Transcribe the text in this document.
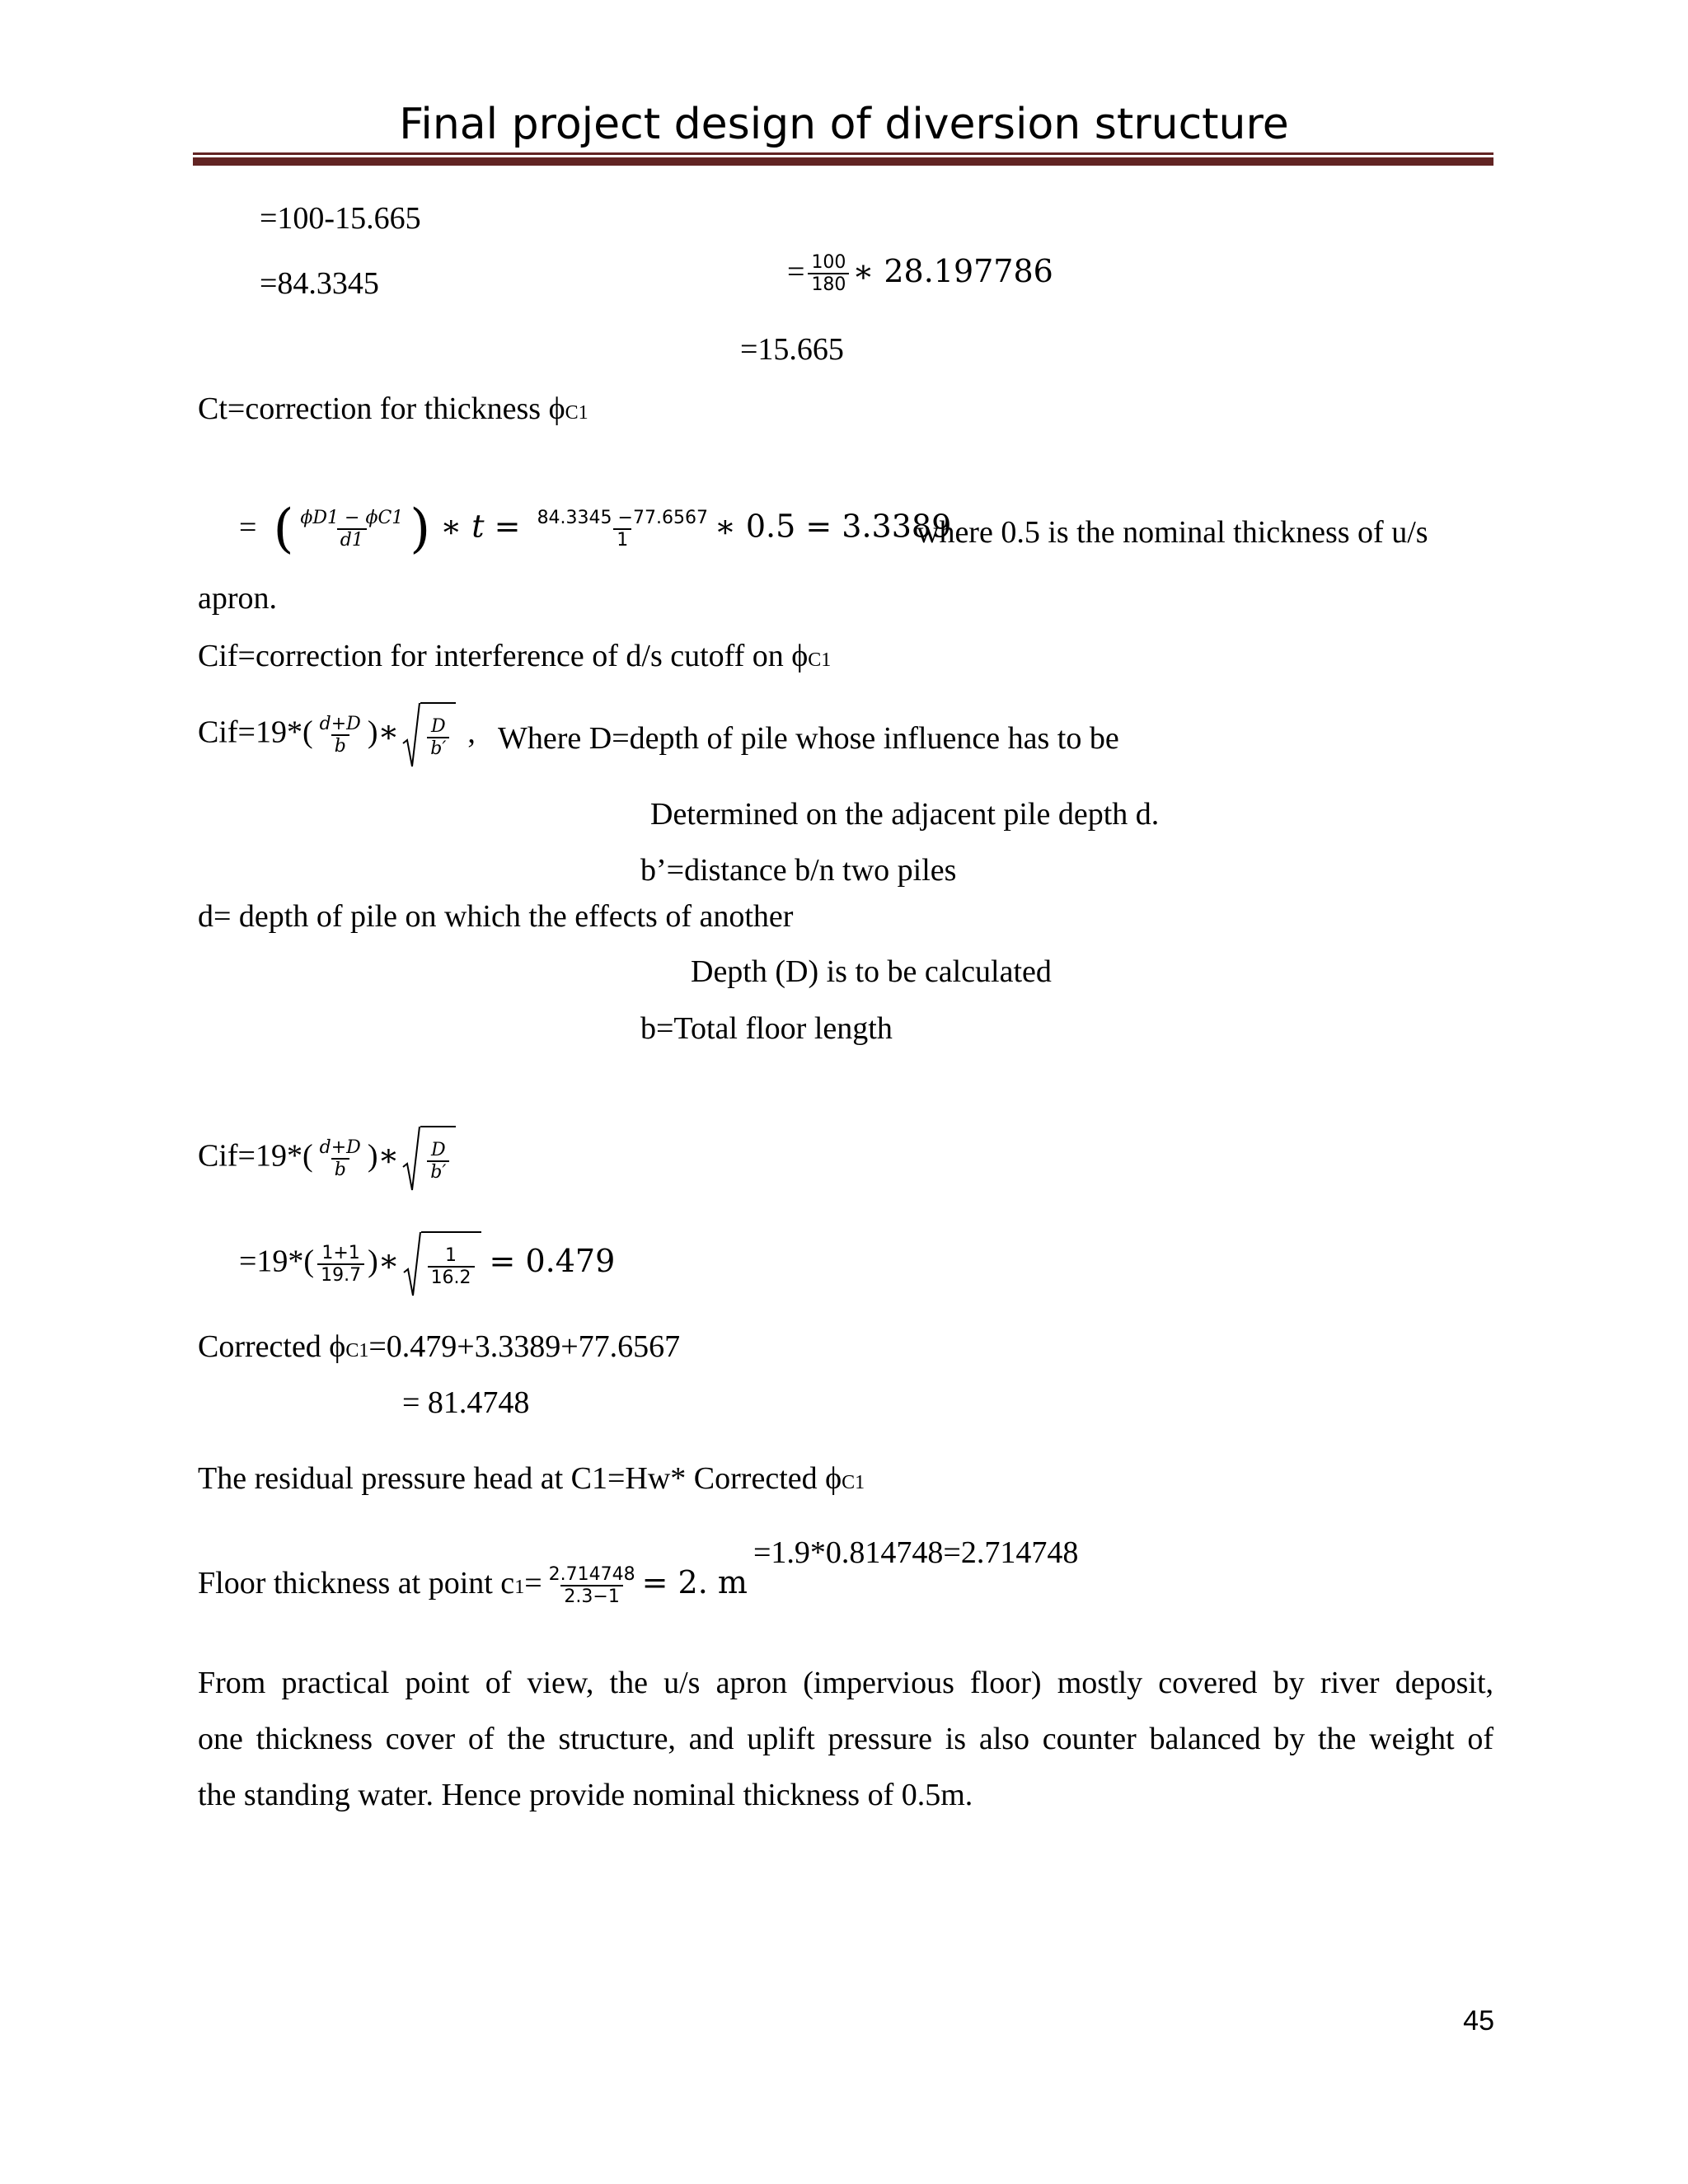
Final project design of diversion structure
=100-15.665
=84.3345	= $\frac{100}{180}$ ∗ 28.197786
=15.665
Ct=correction for thickness ϕC1
= ( $\frac{\phi D1 - \phi C1}{d1}$ ) ∗ $t = \frac{84.3345 -77.6567}{1}$ ∗ 0.5 = 3.3389
where 0.5 is the nominal thickness of u/s
apron.
Cif=correction for interference of d/s cutoff on ϕC1
$Cif=19*( \frac{d+D}{b}$ )∗ $\frac{D}{b'}$ , Where D=depth of pile whose influence has to be
Determined on the adjacent pile depth d.
b’=distance b/n two piles
d= depth of pile on which the effects of another
Depth (D) is to be calculated
b=Total floor length
$Cif=19*( \frac{d+D}{b}$ )∗ $\frac{D}{b'}$
$=19*( \frac{1+1}{19.7}$ )∗ $\frac{1}{16.2} = 0.479$
Corrected ϕC1=0.479+3.3389+77.6567
= 81.4748
The residual pressure head at C1=Hw* Corrected ϕC1
=1.9*0.814748=2.714748
Floor thickness at point $c1= \frac{2.714748}{2.3-1} = 2$. m
From practical point of view, the u/s apron (impervious floor) mostly covered by river deposit,
one thickness cover of the structure, and uplift pressure is also counter balanced by the weight of
the standing water. Hence provide nominal thickness of 0.5m.
45
